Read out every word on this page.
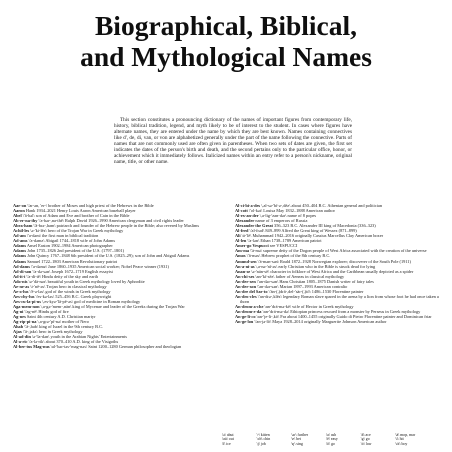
Biographical, Biblical,
and Mythological Names

This section constitutes a pronouncing dictionary of the names of important figures from contemporary life, history, biblical tradition, legend, and myth likely to be of interest to the student. In cases where figures have alternate names, they are entered under the name by which they are best known. Names containing connectives like d', de, di, van, or von are alphabetized generally under the part of the name following the connective. Parts of names that are not commonly used are often given in parentheses. When two sets of dates are given, the first set indicates the dates of the person's birth and death, and the second pertains only to the particular office, honor, or achievement which it immediately follows. Italicized names within an entry refer to a person's nickname, original name, title, or other name.

Aar·on \'ar-ən, 'er-\ brother of Moses and high priest of the Hebrews in the Bible

Aaron Hank 1934–2021 Henry Louis Aaron American baseball player

Abel \'ā-bəl\ son of Adam and Eve and brother of Cain in the Bible

Ab·er·na·thy \'a-bər-,na-thē\ Ralph David 1926–1990 American clergyman and civil rights leader

Abra·ham \'ā-brə-,ham\ patriarch and founder of the Hebrew people in the Bible; also revered by Muslims

Achil·les \ə-'ki-lēz\ hero of the Trojan War in Greek mythology

Ad·am \'a-dəm\ the first man in biblical tradition

Ad·ams \'a-dəmz\ Abigail 1744–1818 wife of John Adams

Adams Ansel Easton 1902–1984 American photographer

Adams John 1735–1826 2nd president of the U.S. (1797–1801)

Adams John Quincy 1767–1848 6th president of the U.S. (1825–29); son of John and Abigail Adams

Adams Samuel 1722–1803 American Revolutionary patriot

Ad·dams \'a-dəmz\ Jane 1860–1935 American social worker; Nobel Peace winner (1931)

Ad·di·son \'a-də-sən\ Joseph 1672–1719 English essayist

Ad·it·i \'a-di-tē\ Hindu deity of the sky and earth

Ado·nis \ə-'dä-nəs\ beautiful youth in Greek mythology loved by Aphrodite

Ae·ne·as \i-'nē-əs\ Trojan hero in classical mythology

Ae·o·lus \'ē-ə-ləs\ god of the winds in Greek mythology

Aes·chy·lus \'es-kə-ləs\ 525–456 B.C. Greek playwright

Aes·cu·la·pi·us \,es-kyə-'lā-pē-əs\ god of medicine in Roman mythology

Aga·mem·non \,a-gə-'mem-,nän\ king of Mycenae and leader of the Greeks during the Trojan War

Ag·ni \'ag-nē\ Hindu god of fire

Ag·nes Saint 4th century A.D. Christian martyr

Ag·rip·pi·na \,a-grə-'pī-nə\ mother of Nero

Ahab \'ā-,hab\ king of Israel in the 9th century B.C.

Ajax \'ā-,jaks\ hero in Greek mythology

Al·ad·din \ə-'la-dən\ youth in the Arabian Nights' Entertainments

Al·a·ric \'a-lə-rik\ about 370–410 A.D. king of the Visigoths

Al·ber·tus Mag·nus \al-'bər-təs-'mag-nəs\ Saint 1200–1280 German philosopher and theologian

Al·ci·bi·a·des \,al-sə-'bī-ə-,dēz\ about 450–404 B.C. Athenian general and politician

Al·cott \'ol-kət\ Louisa May 1832–1888 American author

Al·ex·an·der \,a-lig-'zan-dər\ name of 8 popes

Alexander name of 3 emperors of Russia

Alexander the Great 356–323 B.C. Alexander III king of Macedonia (336–323)

Al·fred \'al-frəd\ 849–899 Alfred the Great king of Wessex (871–899)

Ali \ä-'lē\ Muhammad 1942–2016 originally Cassius Marcellus Clay American boxer

Al·len \'a-lən\ Ethan 1738–1789 American patriot

Amer·go Vespucci see VESPUCCI

Am·ma \'ä-mə\ supreme deity of the Dogon people of West Africa associated with the creation of the universe

Amos \'ā-məs\ Hebrew prophet of the 8th century B.C.

Amund·sen \'ä-mən-sən\ Roald 1872–1928 Norwegian explorer; discoverer of the South Pole (1911)

An·a·ni·as \,a-nə-'nī-əs\ early Christian who in the Bible is struck dead for lying

Anan·se \ə-'nän-sē\ character in folklore of West Africa and the Caribbean usually depicted as a spider

An·chi·ses \an-'kī-sēz\ father of Aeneas in classical mythology

An·der·sen \'an-dər-sən\ Hans Christian 1805–1875 Danish writer of fairy tales

An·der·son \'an-dər-sən\ Marian 1897–1993 American contralto

An·dre del Sar·to \'än-(,)drā-,del-'sär-(,)tō\ 1486–1530 Florentine painter

An·dro·cles \'an-drə-,klēz\ legendary Roman slave spared in the arena by a lion from whose foot he had once taken a thorn

An·drom·a·che \an-'drä-mə-kē\ wife of Hector in Greek mythology

An·drom·e·da \an-'drä-mə-də\ Ethiopian princess rescued from a monster by Perseus in Greek mythology

An·ge·li·co \an-'je-li-,kō\ Fra about 1400–1455 originally Guido di Pietro Florentine painter and Dominican friar

An·ge·lou \'an-jə-lō\ Maya 1928–2014 originally Marguerite Johnson American author

\ə\ abut	\ᵊ\ kitten	\ər\ further	\a\ ash	\ā\ ace	\ä\ mop, mar
\au̇\ out	\ch\ chin	\e\ bet	\ē\ easy	\g\ go	\i\ hit
\ī\ ice	\j\ job	\ŋ\ sing	\ō\ go	\ȯ\ law	\ȯi\ boy
